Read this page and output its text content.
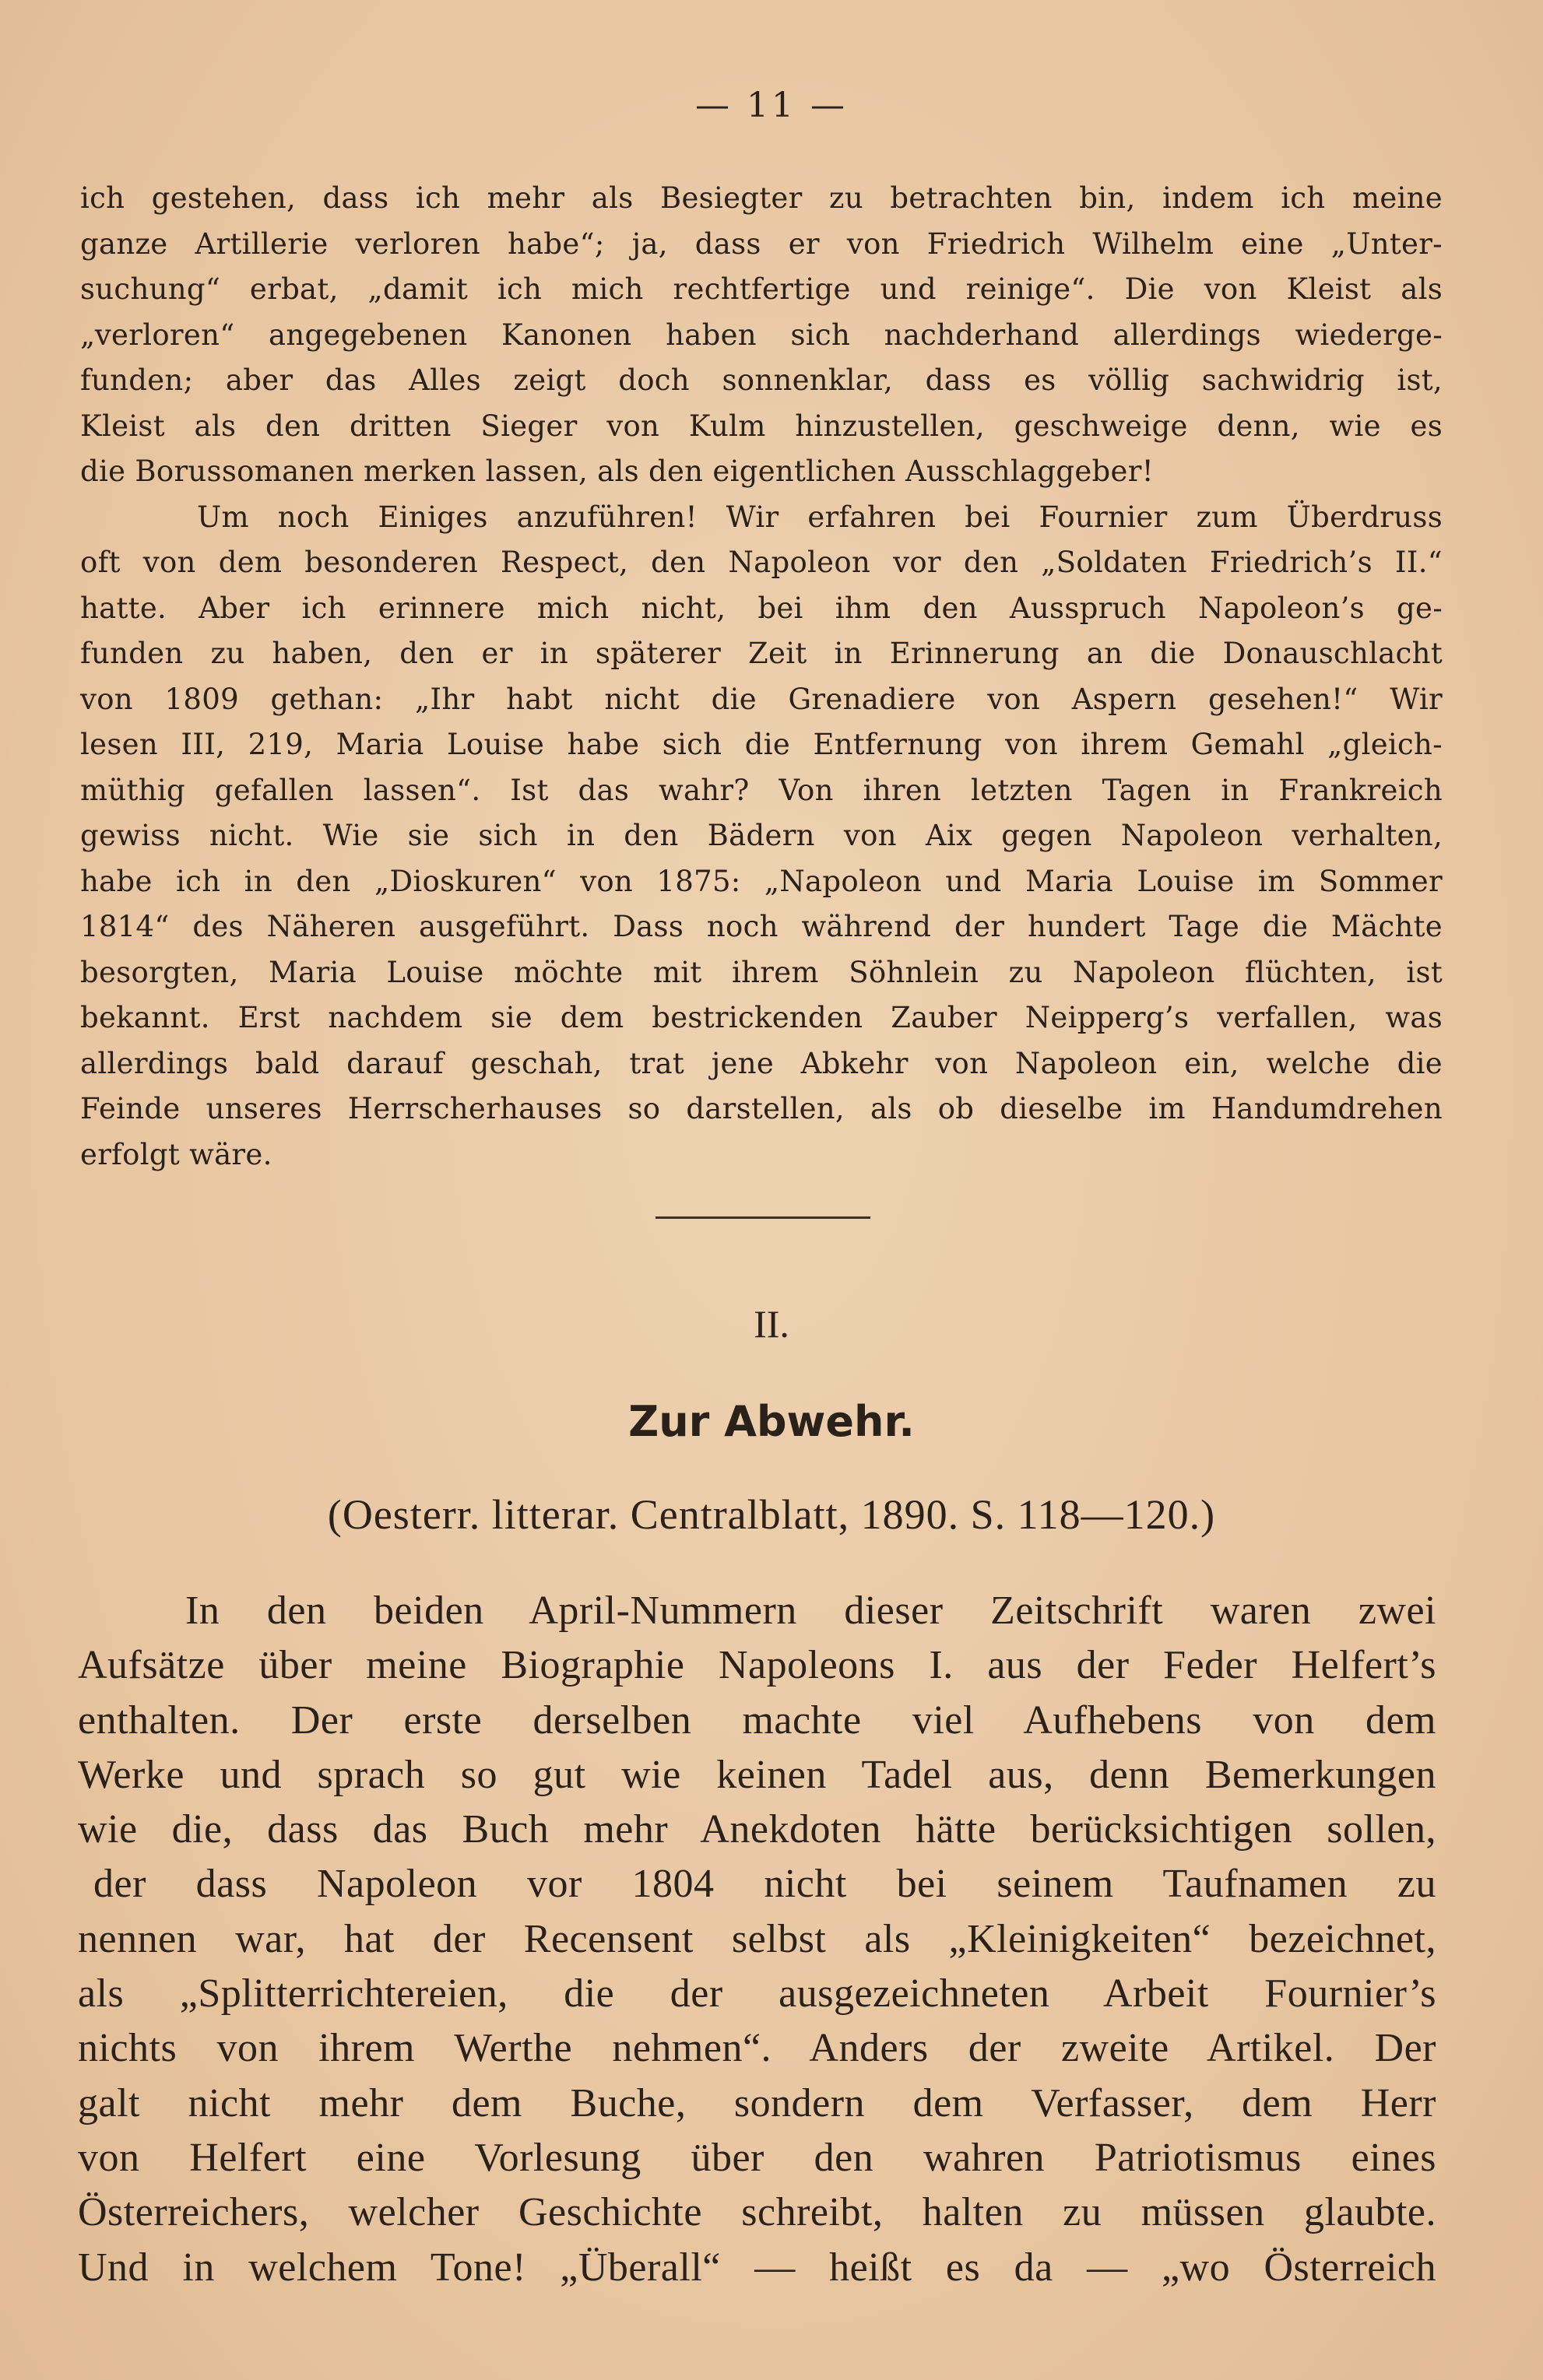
— 11 —
ich gestehen, dass ich mehr als Besiegter zu betrachten bin, indem ich meine
ganze Artillerie verloren habe“; ja, dass er von Friedrich Wilhelm eine „Unter-
suchung“ erbat, „damit ich mich rechtfertige und reinige“. Die von Kleist als
„verloren“ angegebenen Kanonen haben sich nachderhand allerdings wiederge-
funden; aber das Alles zeigt doch sonnenklar, dass es völlig sachwidrig ist,
Kleist als den dritten Sieger von Kulm hinzustellen, geschweige denn, wie es
die Borussomanen merken lassen, als den eigentlichen Ausschlaggeber!
Um noch Einiges anzuführen! Wir erfahren bei Fournier zum Überdruss
oft von dem besonderen Respect, den Napoleon vor den „Soldaten Friedrich’s II.“
hatte. Aber ich erinnere mich nicht, bei ihm den Ausspruch Napoleon’s ge-
funden zu haben, den er in späterer Zeit in Erinnerung an die Donauschlacht
von 1809 gethan: „Ihr habt nicht die Grenadiere von Aspern gesehen!“ Wir
lesen III, 219, Maria Louise habe sich die Entfernung von ihrem Gemahl „gleich-
müthig gefallen lassen“. Ist das wahr? Von ihren letzten Tagen in Frankreich
gewiss nicht. Wie sie sich in den Bädern von Aix gegen Napoleon verhalten,
habe ich in den „Dioskuren“ von 1875: „Napoleon und Maria Louise im Sommer
1814“ des Näheren ausgeführt. Dass noch während der hundert Tage die Mächte
besorgten, Maria Louise möchte mit ihrem Söhnlein zu Napoleon flüchten, ist
bekannt. Erst nachdem sie dem bestrickenden Zauber Neipperg’s verfallen, was
allerdings bald darauf geschah, trat jene Abkehr von Napoleon ein, welche die
Feinde unseres Herrscherhauses so darstellen, als ob dieselbe im Handumdrehen
erfolgt wäre.
II.
Zur Abwehr.
(Oesterr. litterar. Centralblatt, 1890. S. 118—120.)
In den beiden April-Nummern dieser Zeitschrift waren zwei
Aufsätze über meine Biographie Napoleons I. aus der Feder Helfert’s
enthalten. Der erste derselben machte viel Aufhebens von dem
Werke und sprach so gut wie keinen Tadel aus, denn Bemerkungen
wie die, dass das Buch mehr Anekdoten hätte berücksichtigen sollen,
der dass Napoleon vor 1804 nicht bei seinem Taufnamen zu
nennen war, hat der Recensent selbst als „Kleinigkeiten“ bezeichnet,
als „Splitterrichtereien, die der ausgezeichneten Arbeit Fournier’s
nichts von ihrem Werthe nehmen“. Anders der zweite Artikel. Der
galt nicht mehr dem Buche, sondern dem Verfasser, dem Herr
von Helfert eine Vorlesung über den wahren Patriotismus eines
Österreichers, welcher Geschichte schreibt, halten zu müssen glaubte.
Und in welchem Tone! „Überall“ — heißt es da — „wo Österreich
